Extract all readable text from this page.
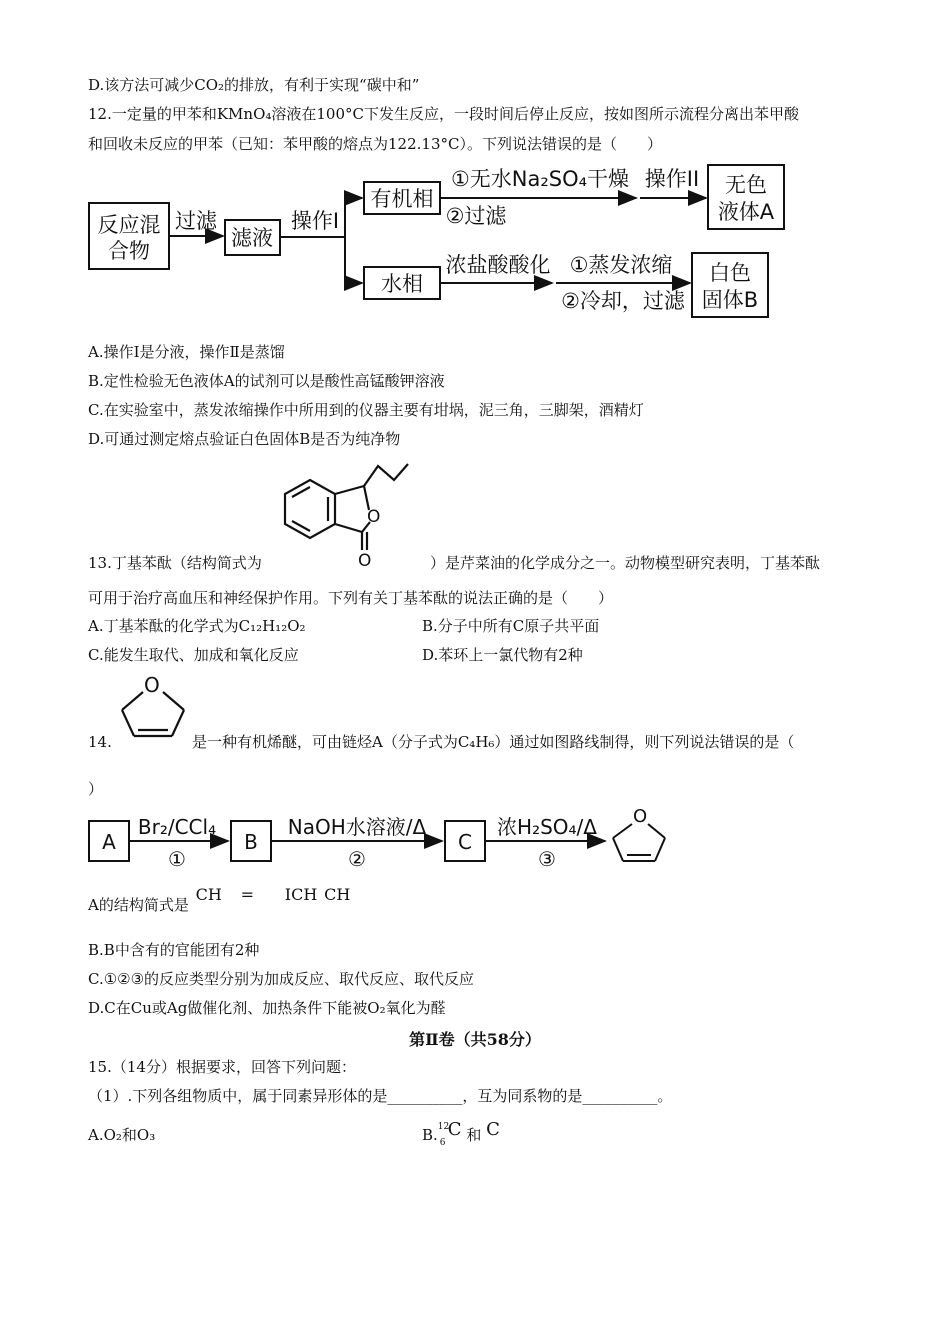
D.该方法可减少CO₂的排放，有利于实现“碳中和”
12.一定量的甲苯和KMnO₄溶液在100°C下发生反应，一段时间后停止反应，按如图所示流程分离出苯甲酸
和回收未反应的甲苯（已知：苯甲酸的熔点为122.13°C）。下列说法错误的是（　　）
反应混
合物
过滤
滤液
操作I
有机相
①无水Na₂SO₄干燥
②过滤
操作II 无色
液体A
水相
浓盐酸酸化 ①蒸发浓缩
②冷却，过滤
白色
固体B
A.操作Ⅰ是分液，操作Ⅱ是蒸馏
B.定性检验无色液体A的试剂可以是酸性高锰酸钾溶液
C.在实验室中，蒸发浓缩操作中所用到的仪器主要有坩埚，泥三角，三脚架，酒精灯
D.可通过测定熔点验证白色固体B是否为纯净物
O
O
13.丁基苯酞（结构简式为	）是芹菜油的化学成分之一。动物模型研究表明，丁基苯酞
可用于治疗高血压和神经保护作用。下列有关丁基苯酞的说法正确的是（　　）
A.丁基苯酞的化学式为C₁₂H₁₂O₂	B.分子中所有C原子共平面
C.能发生取代、加成和氧化反应	D.苯环上一氯代物有2种
O
14.	是一种有机烯醚，可由链烃A（分子式为C₄H₆）通过如图路线制得，则下列说法错误的是（
）
A
Br₂/CCl₄
①
B
NaOH水溶液/Δ
②
C
浓H₂SO₄/Δ
③
O
A的结构简式是 CH = ICH CH
B.B中含有的官能团有2种
C.①②③的反应类型分别为加成反应、取代反应、取代反应
D.C在Cu或Ag做催化剂、加热条件下能被O₂氧化为醛
第Ⅱ卷（共58分）
15.（14分）根据要求，回答下列问题：
（1）.下列各组物质中，属于同素异形体的是__________，互为同系物的是__________。
A.O₂和O₃	B. 12
6
C 和 C
